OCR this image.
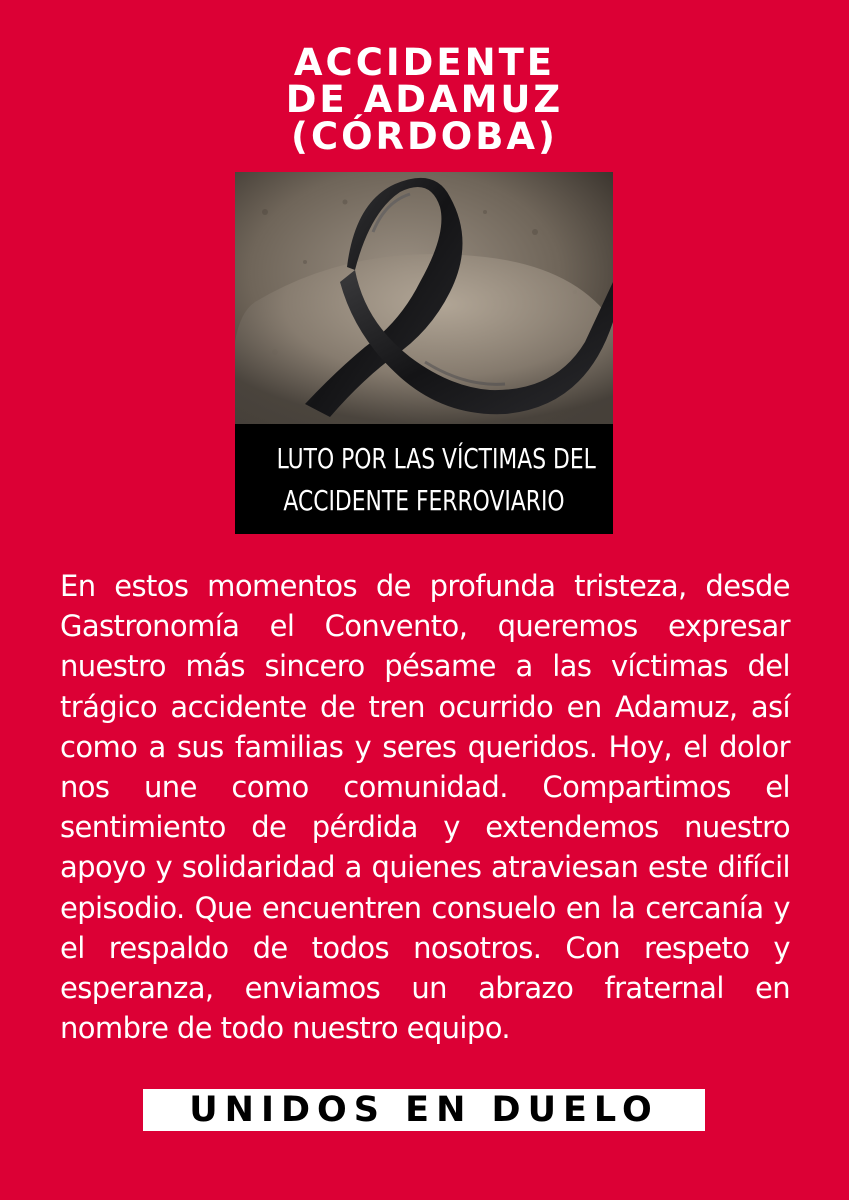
ACCIDENTE
DE ADAMUZ
(CÓRDOBA)
LUTO POR LAS VÍCTIMAS DEL
ACCIDENTE FERROVIARIO

En estos momentos de profunda tristeza, desde Gastronomía el Convento, queremos expresar nuestro más sincero pésame a las víctimas del trágico accidente de tren ocurrido en Adamuz, así como a sus familias y seres queridos. Hoy, el dolor nos une como comunidad. Compartimos el sentimiento de pérdida y extendemos nuestro apoyo y solidaridad a quienes atraviesan este difícil episodio. Que encuentren consuelo en la cercanía y el respaldo de todos nosotros. Con respeto y esperanza, enviamos un abrazo fraternal en nombre de todo nuestro equipo.

UNIDOS EN DUELO
